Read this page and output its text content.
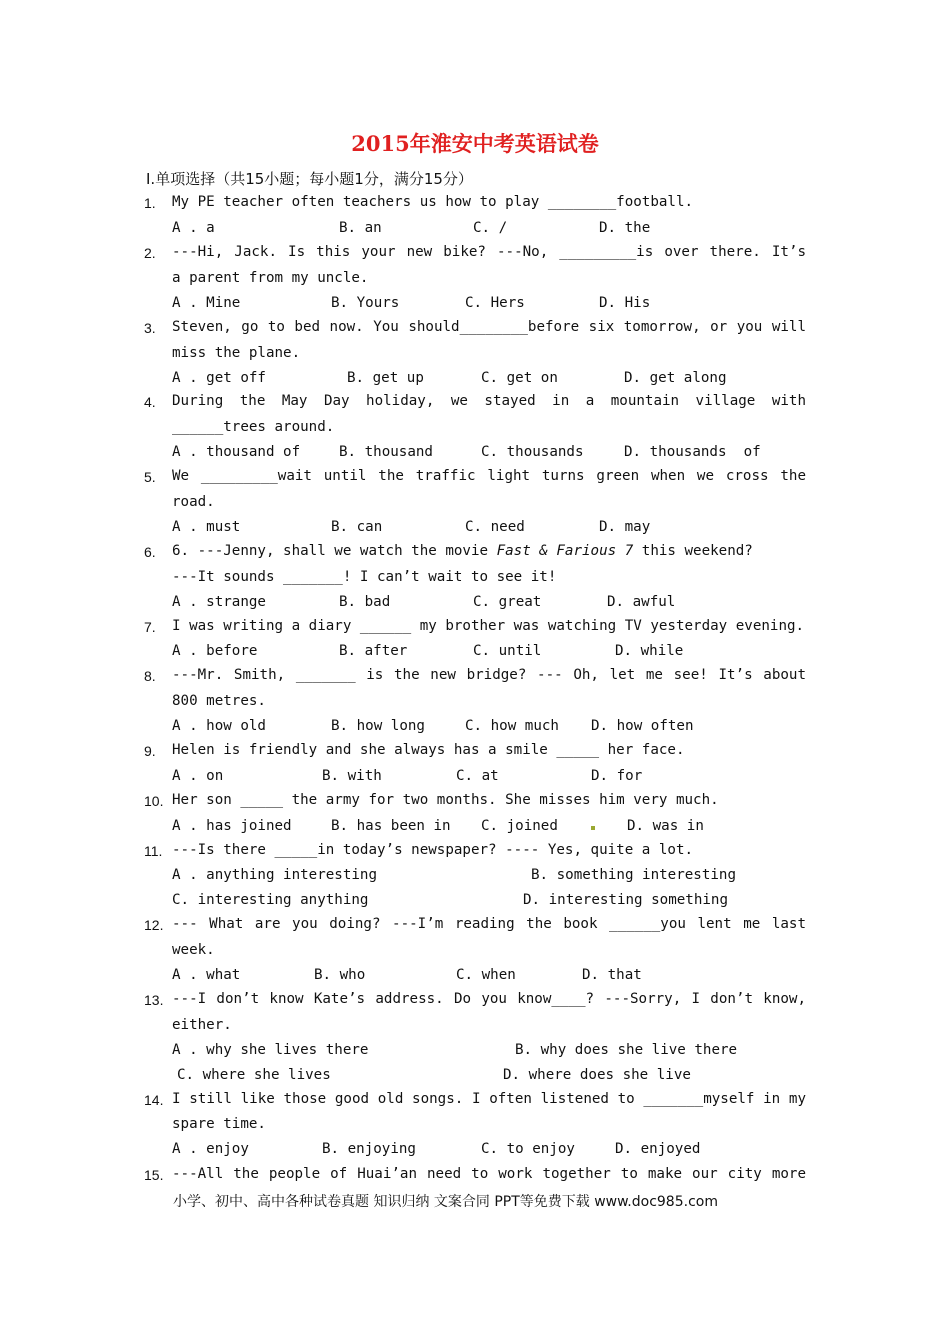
2015年淮安中考英语试卷
Ⅰ.单项选择（共15小题；每小题1分，满分15分）
1. My PE teacher often teachers us how to play ________football.
A . a	B. an	C. /	D. the
2. ---Hi, Jack. Is this your new bike? ---No, _________is over there. It’s
a parent from my uncle.
A . Mine	B. Yours	C. Hers	D. His
3. Steven, go to bed now. You should________before six tomorrow, or you will
miss the plane.
A . get off	B. get up	C. get on	D. get along
4. During the May Day holiday, we stayed in a mountain village with
______trees around.
A . thousand of	B. thousand	C. thousands	D. thousands  of
5. We _________wait until the traffic light turns green when we cross the
road.
A . must	B. can	C. need	D. may
6. 6. ---Jenny, shall we watch the movie Fast & Farious 7 this weekend?
---It sounds _______! I can’t wait to see it!
A . strange	B. bad	C. great	D. awful
7. I was writing a diary ______ my brother was watching TV yesterday evening.
A . before	B. after	C. until	D. while
8. ---Mr. Smith, _______ is the new bridge? --- Oh, let me see! It’s about
800 metres.
A . how old	B. how long	C. how much D. how often
9. Helen is friendly and she always has a smile _____ her face.
A . on	B. with	C. at	D. for
10. Her son _____ the army for two months. She misses him very much.
A . has joined	B. has been in C. joined	D. was in
11. ---Is there _____in today’s newspaper? ---- Yes, quite a lot.
A . anything interesting	B. something interesting
C. interesting anything	D. interesting something
12. --- What are you doing? ---I’m reading the book ______you lent me last
week.
A . what	B. who	C. when	D. that
13. ---I don’t know Kate’s address. Do you know____? ---Sorry, I don’t know,
either.
A . why she lives there	B. why does she live there
C. where she lives	D. where does she live
14. I still like those good old songs. I often listened to _______myself in my
spare time.
A . enjoy	B. enjoying	C. to enjoy	D. enjoyed
15. ---All the people of Huai’an need to work together to make our city more
小学、初中、高中各种试卷真题 知识归纳 文案合同 PPT等免费下载 www.doc985.com
